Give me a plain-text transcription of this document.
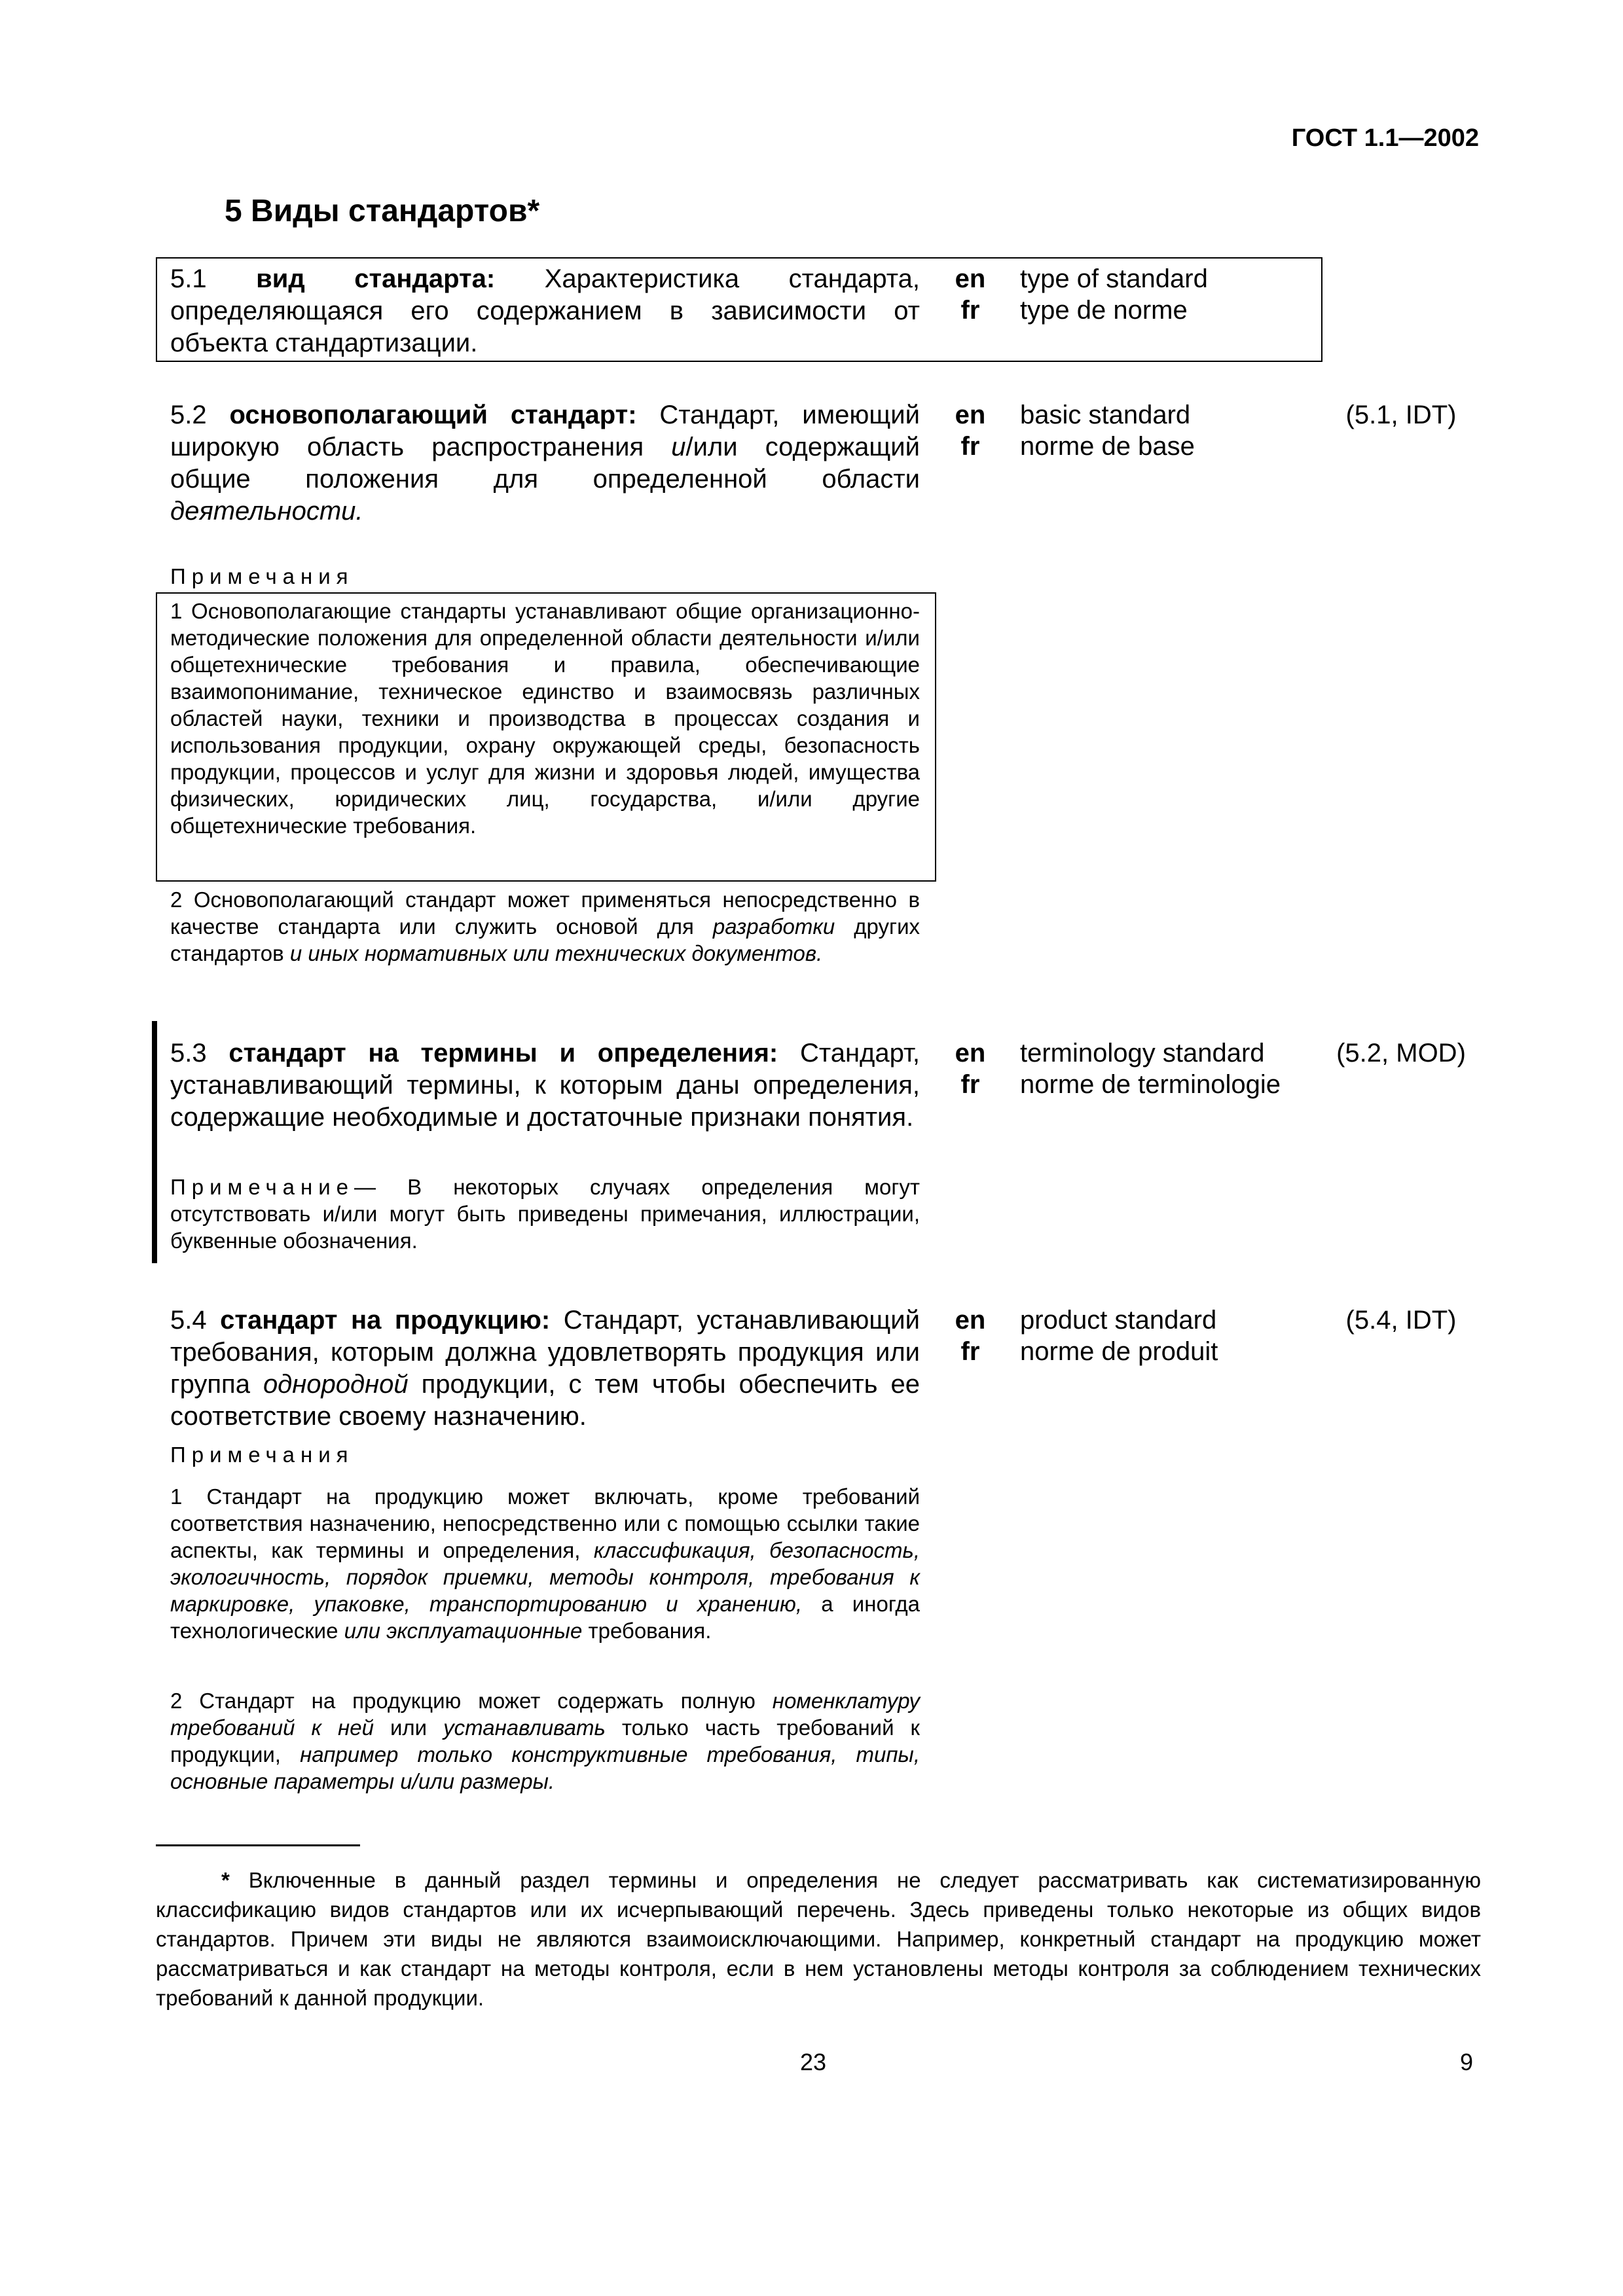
ГОСТ 1.1—2002
5 Виды стандартов*
5.1 вид стандарта: Характеристика стандарта, определяющаяся его содержанием в зависимости от объекта стандартизации.
en
fr
type of standard
type de norme
5.2 основополагающий стандарт: Стандарт, имеющий широкую область распространения и/или содержащий общие положения для определенной области деятельности.
en
fr
basic standard
norme de base
(5.1, IDT)
Примечания
1 Основополагающие стандарты устанавливают общие организационно-методические положения для определенной области деятельности и/или общетехнические требования и правила, обеспечивающие взаимопонимание, техническое единство и взаимосвязь различных областей науки, техники и производства в процессах создания и использования продукции, охрану окружающей среды, безопасность продукции, процессов и услуг для жизни и здоровья людей, имущества физических, юридических лиц, государства, и/или другие общетехнические требования.
2 Основополагающий стандарт может применяться непосредственно в качестве стандарта или служить основой для разработки других стандартов и иных нормативных или технических документов.
5.3 стандарт на термины и определения: Стандарт, устанавливающий термины, к которым даны определения, содержащие необходимые и достаточные признаки понятия.
en
fr
terminology standard
norme de terminologie
(5.2, MOD)
Примечание— В некоторых случаях определения могут отсутствовать и/или могут быть приведены примечания, иллюстрации, буквенные обозначения.
5.4 стандарт на продукцию: Стандарт, устанавливающий требования, которым должна удовлетворять продукция или группа однородной продукции, с тем чтобы обеспечить ее соответствие своему назначению.
en
fr
product standard
norme de produit
(5.4, IDT)
Примечания
1 Стандарт на продукцию может включать, кроме требований соответствия назначению, непосредственно или с помощью ссылки такие аспекты, как термины и определения, классификация, безопасность, экологичность, порядок приемки, методы контроля, требования к маркировке, упаковке, транспортированию и хранению, а иногда технологические или эксплуатационные требования.
2 Стандарт на продукцию может содержать полную номенклатуру требований к ней или устанавливать только часть требований к продукции, например только конструктивные требования, типы, основные параметры и/или размеры.
* Включенные в данный раздел термины и определения не следует рассматривать как систематизированную классификацию видов стандартов или их исчерпывающий перечень. Здесь приведены только некоторые из общих видов стандартов. Причем эти виды не являются взаимоисключающими. Например, конкретный стандарт на продукцию может рассматриваться и как стандарт на методы контроля, если в нем установлены методы контроля за соблюдением технических требований к данной продукции.
23	9
